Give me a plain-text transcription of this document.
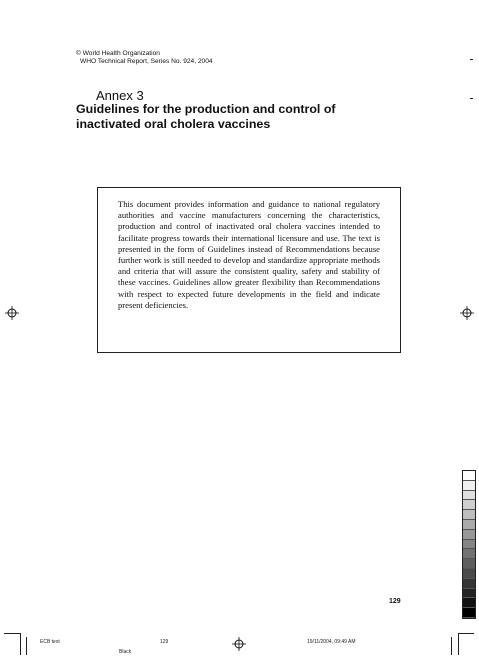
© World Health Organization
WHO Technical Report, Series No. 924, 2004
Annex 3
Guidelines for the production and control of inactivated oral cholera vaccines
This document provides information and guidance to national regulatory authorities and vaccine manufacturers concerning the characteristics, production and control of inactivated oral cholera vaccines intended to facilitate progress towards their international licensure and use. The text is presented in the form of Guidelines instead of Recommendations because further work is still needed to develop and standardize appropriate methods and criteria that will assure the consistent quality, safety and stability of these vaccines. Guidelines allow greater flexibility than Recommendations with respect to expected future developments in the field and indicate present deficiencies.
129
ECB text	129	19/11/2004, 09:49 AM
Black
